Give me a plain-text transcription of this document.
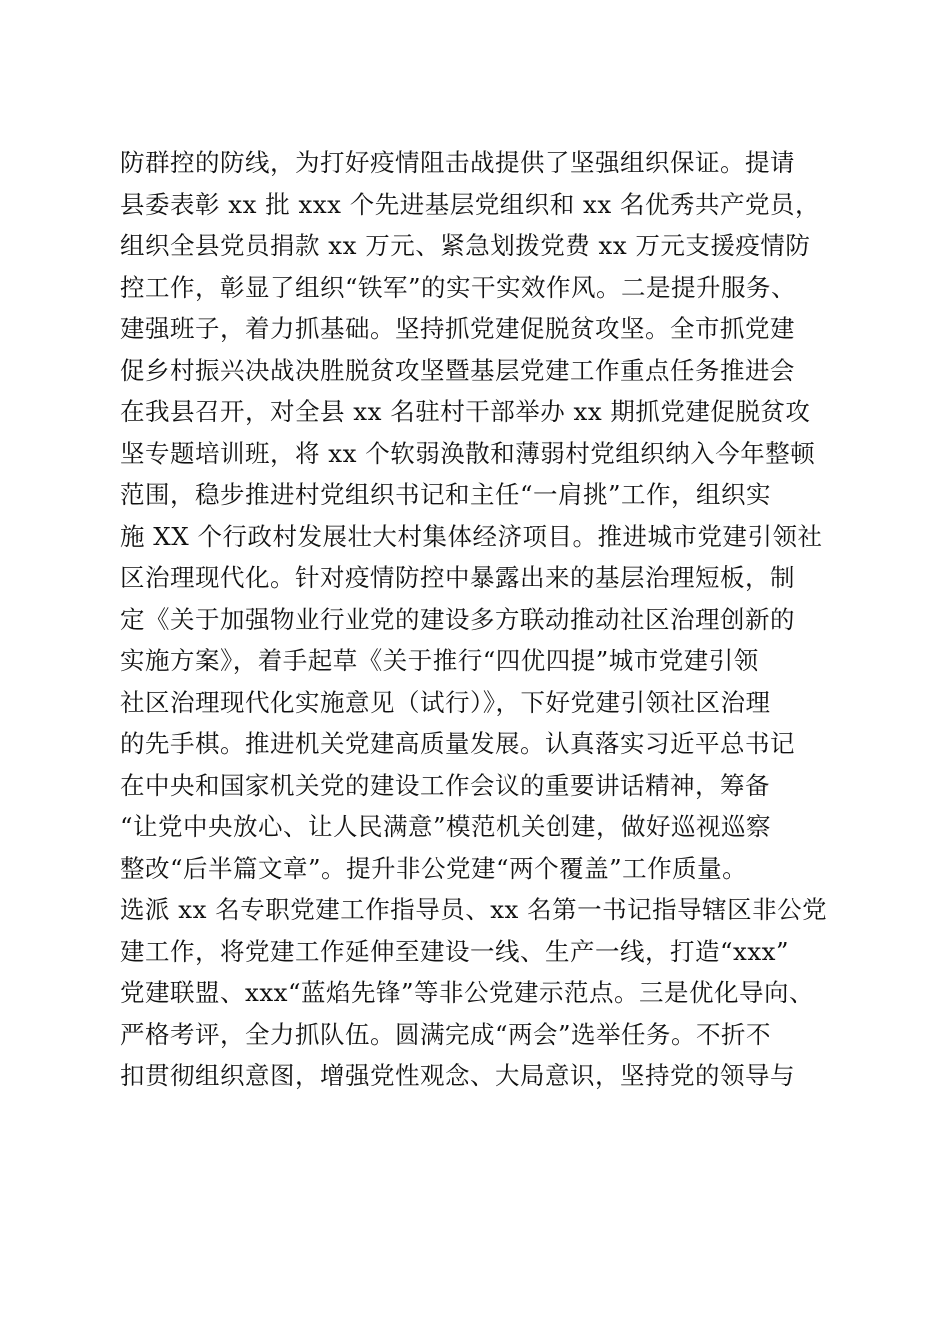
防群控的防线，为打好疫情阻击战提供了坚强组织保证。提请
县委表彰 xx 批 xxx 个先进基层党组织和 xx 名优秀共产党员，
组织全县党员捐款 xx 万元、紧急划拨党费 xx 万元支援疫情防
控工作，彰显了组织“铁军”的实干实效作风。二是提升服务、
建强班子，着力抓基础。坚持抓党建促脱贫攻坚。全市抓党建
促乡村振兴决战决胜脱贫攻坚暨基层党建工作重点任务推进会
在我县召开，对全县 xx 名驻村干部举办 xx 期抓党建促脱贫攻
坚专题培训班，将 xx 个软弱涣散和薄弱村党组织纳入今年整顿
范围，稳步推进村党组织书记和主任“一肩挑”工作，组织实
施 XX 个行政村发展壮大村集体经济项目。推进城市党建引领社
区治理现代化。针对疫情防控中暴露出来的基层治理短板，制
定《关于加强物业行业党的建设多方联动推动社区治理创新的
实施方案》，着手起草《关于推行“四优四提”城市党建引领
社区治理现代化实施意见（试行）》，下好党建引领社区治理
的先手棋。推进机关党建高质量发展。认真落实习近平总书记
在中央和国家机关党的建设工作会议的重要讲话精神，筹备
“让党中央放心、让人民满意”模范机关创建，做好巡视巡察
整改“后半篇文章”。提升非公党建“两个覆盖”工作质量。
选派 xx 名专职党建工作指导员、xx 名第一书记指导辖区非公党
建工作，将党建工作延伸至建设一线、生产一线，打造“xxx”
党建联盟、xxx“蓝焰先锋”等非公党建示范点。三是优化导向、
严格考评，全力抓队伍。圆满完成“两会”选举任务。不折不
扣贯彻组织意图，增强党性观念、大局意识，坚持党的领导与
